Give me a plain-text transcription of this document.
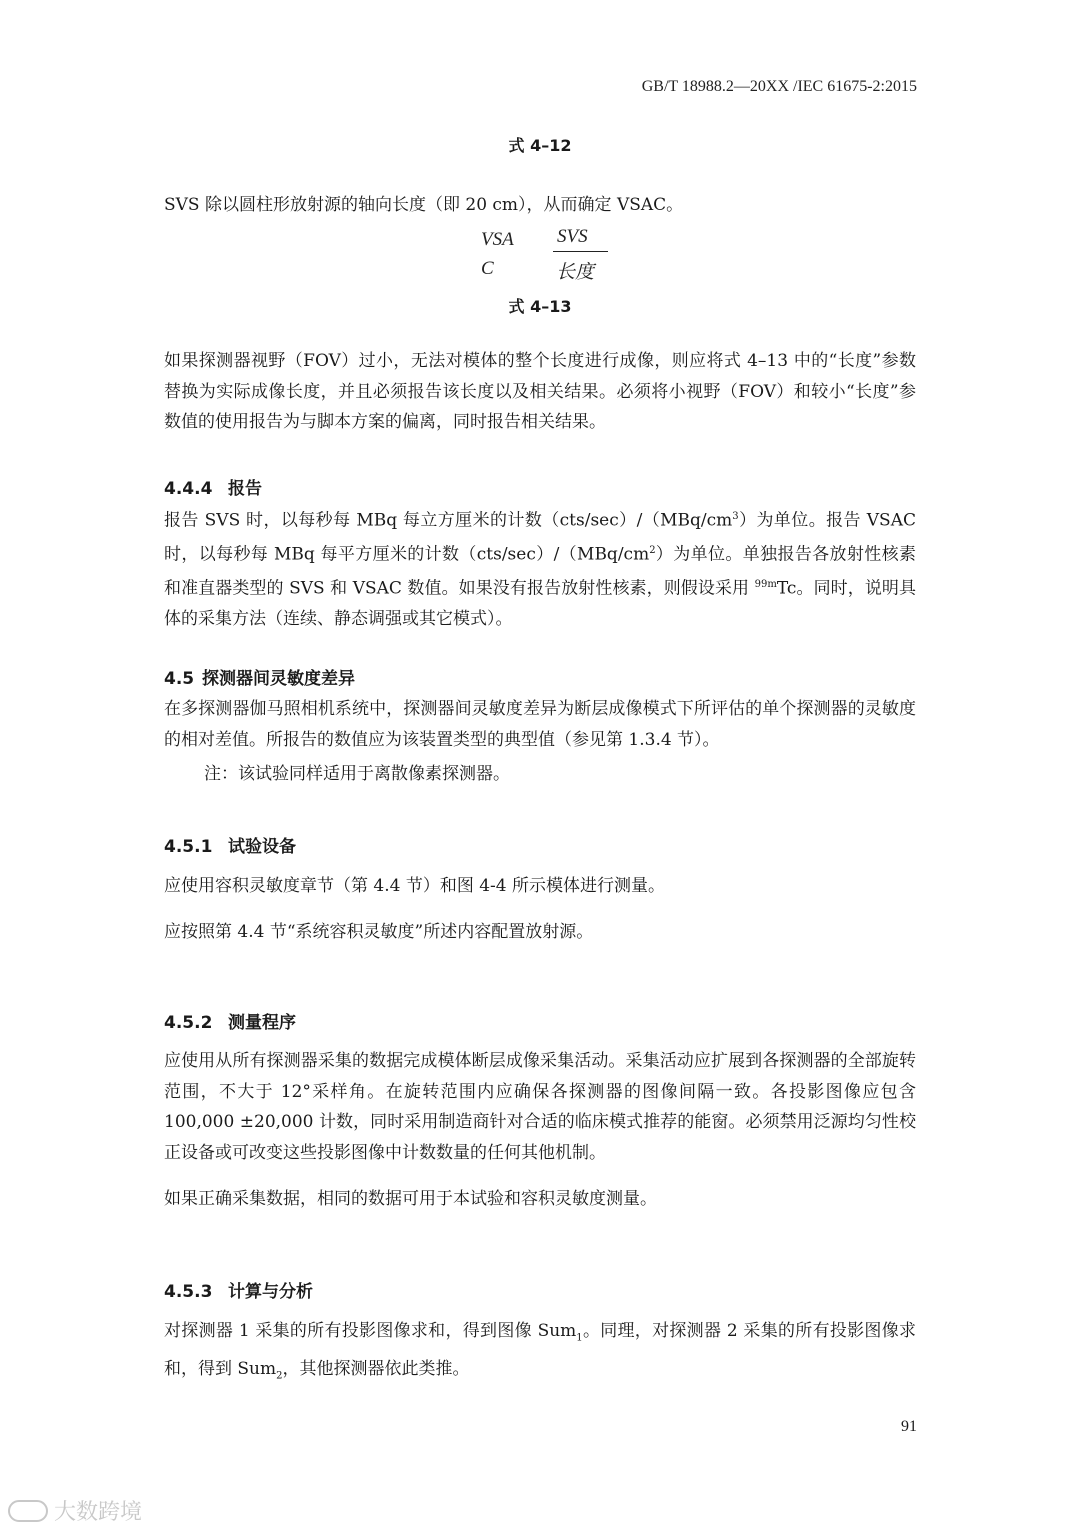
GB/T 18988.2—20XX /IEC 61675-2:2015
式 4–12

SVS 除以圆柱形放射源的轴向长度（即 20 cm），从而确定 VSAC。

VSA
C
SVS
长度
式 4–13

如果探测器视野（FOV）过小，无法对模体的整个长度进行成像，则应将式 4–13 中的“长度”参数替换为实际成像长度，并且必须报告该长度以及相关结果。必须将小视野（FOV）和较小“长度”参数值的使用报告为与脚本方案的偏离，同时报告相关结果。

4.4.4 报告

报告 SVS 时，以每秒每 MBq 每立方厘米的计数$(cts/\sec)/(MBq/cm^3)$为单位。报告 VSAC 时，以每秒每 MBq 每平方厘米的计数$(cts/\sec)/(MBq/cm^2)$为单位。单独报告各放射性核素和准直器类型的 SVS 和 VSAC 数值。如果没有报告放射性核素，则假设采用 $^{99m}$Tc。同时，说明具体的采集方法（连续、静态调强或其它模式）。

4.5 探测器间灵敏度差异

在多探测器伽马照相机系统中，探测器间灵敏度差异为断层成像模式下所评估的单个探测器的灵敏度的相对差值。所报告的数值应为该装置类型的典型值（参见第 1.3.4 节）。

注：该试验同样适用于离散像素探测器。
4.5.1 试验设备

应使用容积灵敏度章节（第 4.4 节）和图 4-4 所示模体进行测量。

应按照第 4.4 节“系统容积灵敏度”所述内容配置放射源。

4.5.2 测量程序

应使用从所有探测器采集的数据完成模体断层成像采集活动。采集活动应扩展到各探测器的全部旋转范围，不大于 12°采样角。在旋转范围内应确保各探测器的图像间隔一致。各投影图像应包含 100,000 ±20,000 计数，同时采用制造商针对合适的临床模式推荐的能窗。必须禁用泛源均匀性校正设备或可改变这些投影图像中计数数量的任何其他机制。

如果正确采集数据，相同的数据可用于本试验和容积灵敏度测量。

4.5.3 计算与分析

对探测器 1 采集的所有投影图像求和，得到图像 Sum$_1$。同理，对探测器 2 采集的所有投影图像求和，得到 Sum$_2$，其他探测器依此类推。

91
大数跨境
